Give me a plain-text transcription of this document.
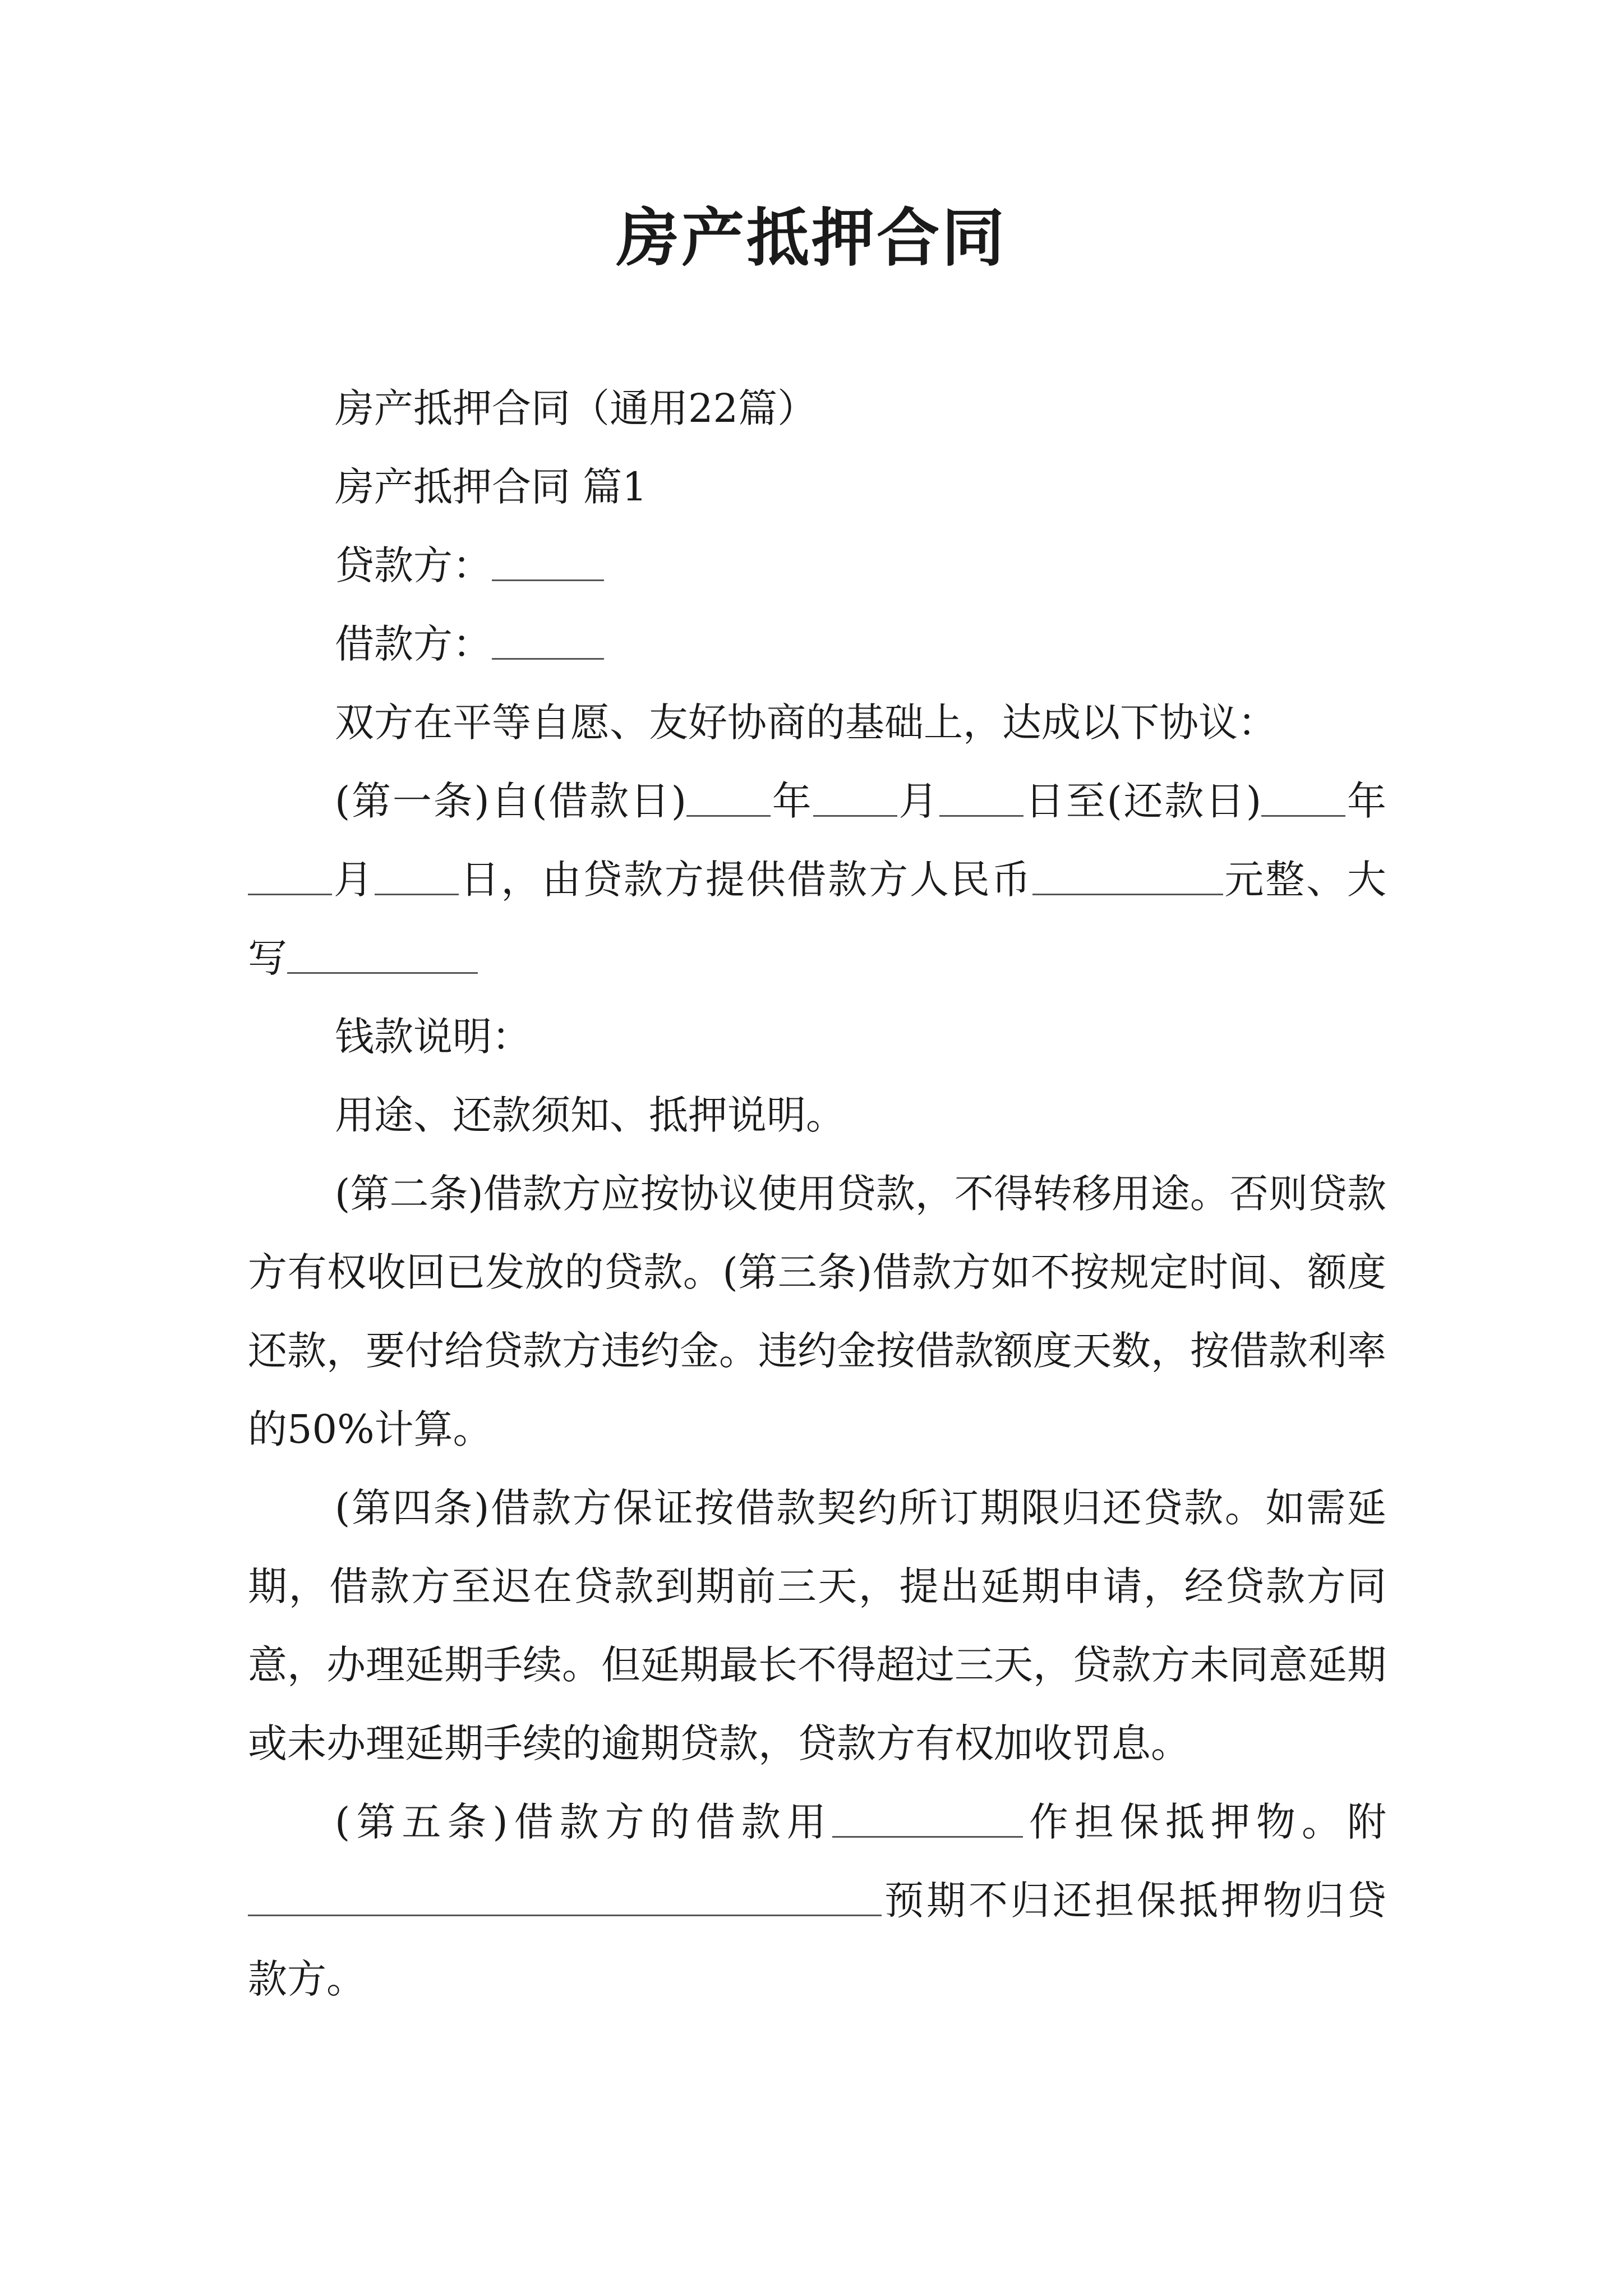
房产抵押合同

房产抵押合同（通用22篇）

房产抵押合同 篇1

贷款方：

借款方：

双方在平等自愿、友好协商的基础上，达成以下协议：

(第一条)自(借款日) 年 月 日至(还款日) 年月 日，由贷款方提供借款方人民币	元整、大写

钱款说明：

用途、还款须知、抵押说明。

(第二条)借款方应按协议使用贷款，不得转移用途。否则贷款方有权收回已发放的贷款。(第三条)借款方如不按规定时间、额度还款，要付给贷款方违约金。违约金按借款额度天数，按借款利率的50%计算。

(第四条)借款方保证按借款契约所订期限归还贷款。如需延期，借款方至迟在贷款到期前三天，提出延期申请，经贷款方同意，办理延期手续。但延期最长不得超过三天，贷款方未同意延期或未办理延期手续的逾期贷款，贷款方有权加收罚息。

(第五条)借款方的借款用	作担保抵押物。附预期不归还担保抵押物归贷款方。
